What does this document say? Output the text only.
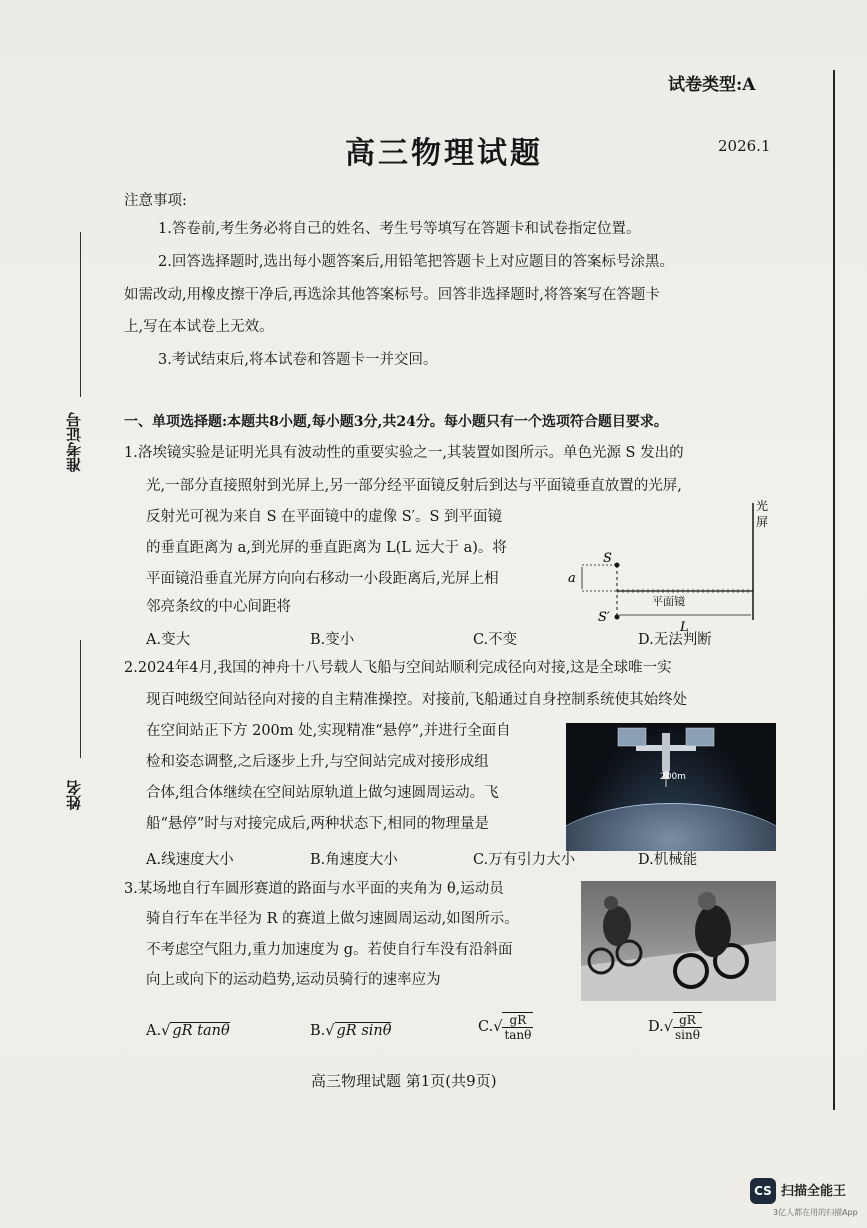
试卷类型:A
高三物理试题	2026.1
注意事项:
1.答卷前,考生务必将自己的姓名、考生号等填写在答题卡和试卷指定位置。
2.回答选择题时,选出每小题答案后,用铅笔把答题卡上对应题目的答案标号涂黑。
如需改动,用橡皮擦干净后,再选涂其他答案标号。回答非选择题时,将答案写在答题卡
上,写在本试卷上无效。
3.考试结束后,将本试卷和答题卡一并交回。
准考证号
姓名
一、单项选择题:本题共8小题,每小题3分,共24分。每小题只有一个选项符合题目要求。
1.洛埃镜实验是证明光具有波动性的重要实验之一,其装置如图所示。单色光源 S 发出的
光,一部分直接照射到光屏上,另一部分经平面镜反射后到达与平面镜垂直放置的光屏,
反射光可视为来自 S 在平面镜中的虚像 S′。S 到平面镜
的垂直距离为 a,到光屏的垂直距离为 L(L 远大于 a)。将
平面镜沿垂直光屏方向向右移动一小段距离后,光屏上相
邻亮条纹的中心间距将
光
屏
S
S′
a
平面镜
L
A.变大	B.变小	C.不变	D.无法判断
2.2024年4月,我国的神舟十八号载人飞船与空间站顺利完成径向对接,这是全球唯一实
现百吨级空间站径向对接的自主精准操控。对接前,飞船通过自身控制系统使其始终处
在空间站正下方 200m 处,实现精准“悬停”,并进行全面自
检和姿态调整,之后逐步上升,与空间站完成对接形成组
合体,组合体继续在空间站原轨道上做匀速圆周运动。飞
船“悬停”时与对接完成后,两种状态下,相同的物理量是
200m
A.线速度大小	B.角速度大小	C.万有引力大小	D.机械能
3.某场地自行车圆形赛道的路面与水平面的夹角为 θ,运动员
骑自行车在半径为 R 的赛道上做匀速圆周运动,如图所示。
不考虑空气阻力,重力加速度为 g。若使自行车没有沿斜面
向上或向下的运动趋势,运动员骑行的速率应为
A.√ gR tanθ	B.√ gR sinθ	$C.√ \frac{gR}{\tan\theta}$	$D.√ \frac{gR}{\sin\theta}$
高三物理试题 第1页(共9页)
CS 扫描全能王
3亿人都在用的扫描App
